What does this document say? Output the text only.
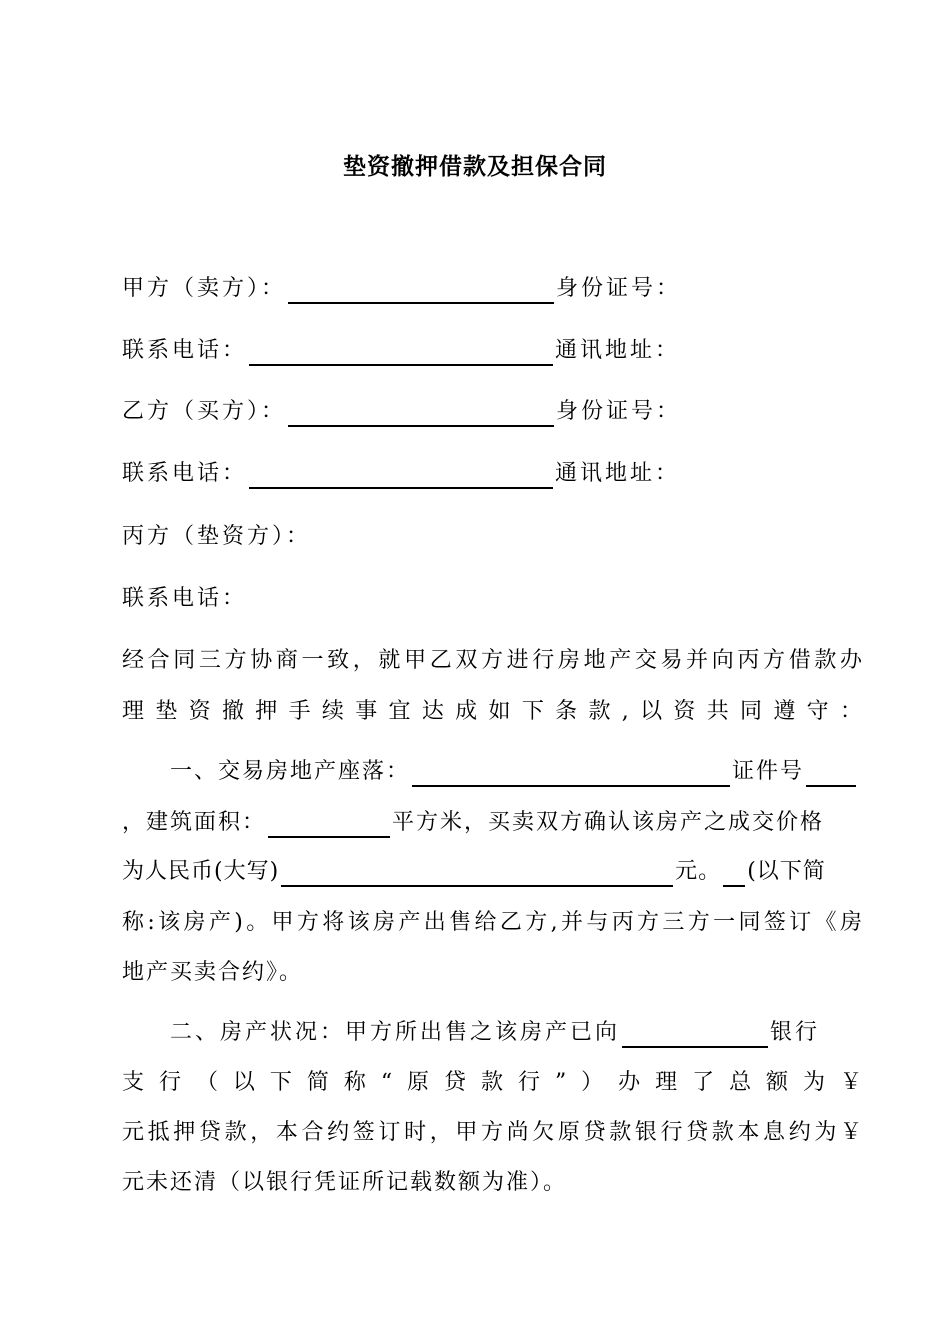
垫资撤押借款及担保合同
甲方（卖方）：	身份证号：
联系电话：	通讯地址：
乙方（买方）：	身份证号：
联系电话：	通讯地址：
丙方（垫资方）：
联系电话：
经合同三方协商一致，就甲乙双方进行房地产交易并向丙方借款办
理垫资撤押手续事宜达成如下条款,以资共同遵守：
一、交易房地产座落：	证件号
，建筑面积：	平方米，买卖双方确认该房产之成交价格
为人民币(大写)	元。 (以下简
称:该房产)。甲方将该房产出售给乙方,并与丙方三方一同签订《房
地产买卖合约》。
二、房产状况：甲方所出售之该房产已向	银行
支行（以下简称“原贷款行”）办理了总额为￥
元抵押贷款，本合约签订时，甲方尚欠原贷款银行贷款本息约为￥
元未还清（以银行凭证所记载数额为准）。
